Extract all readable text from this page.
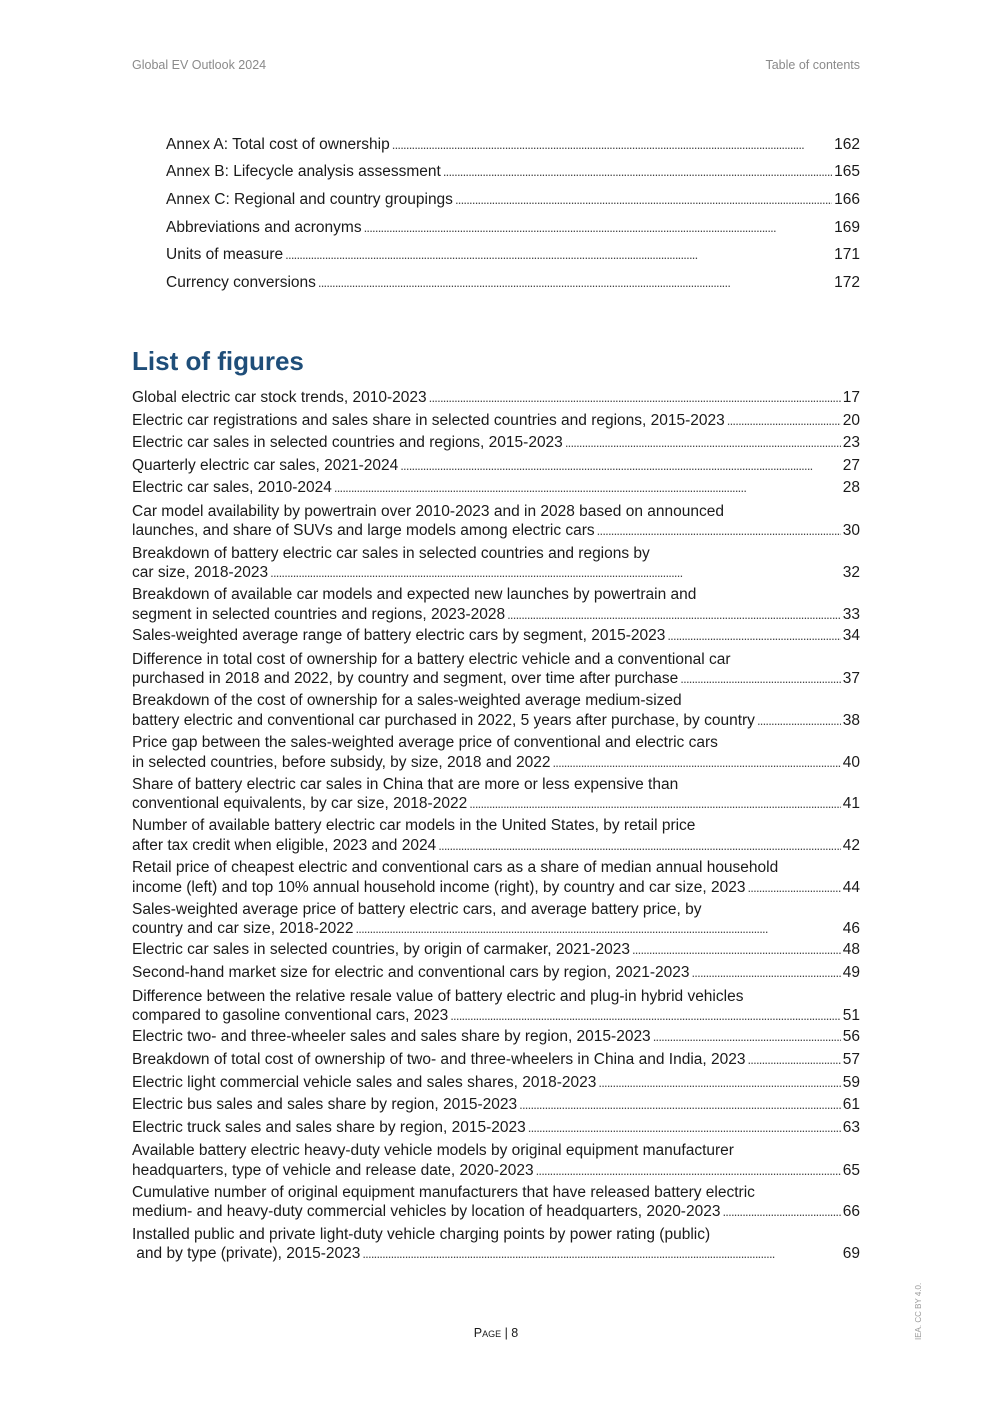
Global EV Outlook 2024	Table of contents
Annex A: Total cost of ownership . . .	162
Annex B: Lifecycle analysis assessment . . .	165
Annex C: Regional and country groupings . . .	166
Abbreviations and acronyms . . .	169
Units of measure . . .	171
Currency conversions . . .	172
List of figures
Global electric car stock trends, 2010-2023 . . .	17
Electric car registrations and sales share in selected countries and regions, 2015-2023 . . .	20
Electric car sales in selected countries and regions, 2015-2023 . . .	23
Quarterly electric car sales, 2021-2024 . . .	27
Electric car sales, 2010-2024 . . .	28
Car model availability by powertrain over 2010-2023 and in 2028 based on announced
launches, and share of SUVs and large models among electric cars . . .	30
Breakdown of battery electric car sales in selected countries and regions by
car size, 2018-2023 . . .	32
Breakdown of available car models and expected new launches by powertrain and
segment in selected countries and regions, 2023-2028 . . .	33
Sales-weighted average range of battery electric cars by segment, 2015-2023 . . .	34
Difference in total cost of ownership for a battery electric vehicle and a conventional car
purchased in 2018 and 2022, by country and segment, over time after purchase . . .	37
Breakdown of the cost of ownership for a sales-weighted average medium-sized
battery electric and conventional car purchased in 2022, 5 years after purchase, by country . . .	38
Price gap between the sales-weighted average price of conventional and electric cars
in selected countries, before subsidy, by size, 2018 and 2022 . . .	40
Share of battery electric car sales in China that are more or less expensive than
conventional equivalents, by car size, 2018-2022 . . .	41
Number of available battery electric car models in the United States, by retail price
after tax credit when eligible, 2023 and 2024 . . .	42
Retail price of cheapest electric and conventional cars as a share of median annual household
income (left) and top 10% annual household income (right), by country and car size, 2023 . . .	44
Sales-weighted average price of battery electric cars, and average battery price, by
country and car size, 2018-2022 . . .	46
Electric car sales in selected countries, by origin of carmaker, 2021-2023 . . .	48
Second-hand market size for electric and conventional cars by region, 2021-2023 . . .	49
Difference between the relative resale value of battery electric and plug-in hybrid vehicles
compared to gasoline conventional cars, 2023 . . .	51
Electric two- and three-wheeler sales and sales share by region, 2015-2023 . . .	56
Breakdown of total cost of ownership of two- and three-wheelers in China and India, 2023 . . .	57
Electric light commercial vehicle sales and sales shares, 2018-2023 . . .	59
Electric bus sales and sales share by region, 2015-2023 . . .	61
Electric truck sales and sales share by region, 2015-2023 . . .	63
Available battery electric heavy-duty vehicle models by original equipment manufacturer
headquarters, type of vehicle and release date, 2020-2023 . . .	65
Cumulative number of original equipment manufacturers that have released battery electric
medium- and heavy-duty commercial vehicles by location of headquarters, 2020-2023 . . .	66
Installed public and private light-duty vehicle charging points by power rating (public)
and by type (private), 2015-2023 . . .	69
Page | 8	IEA. CC BY 4.0.
